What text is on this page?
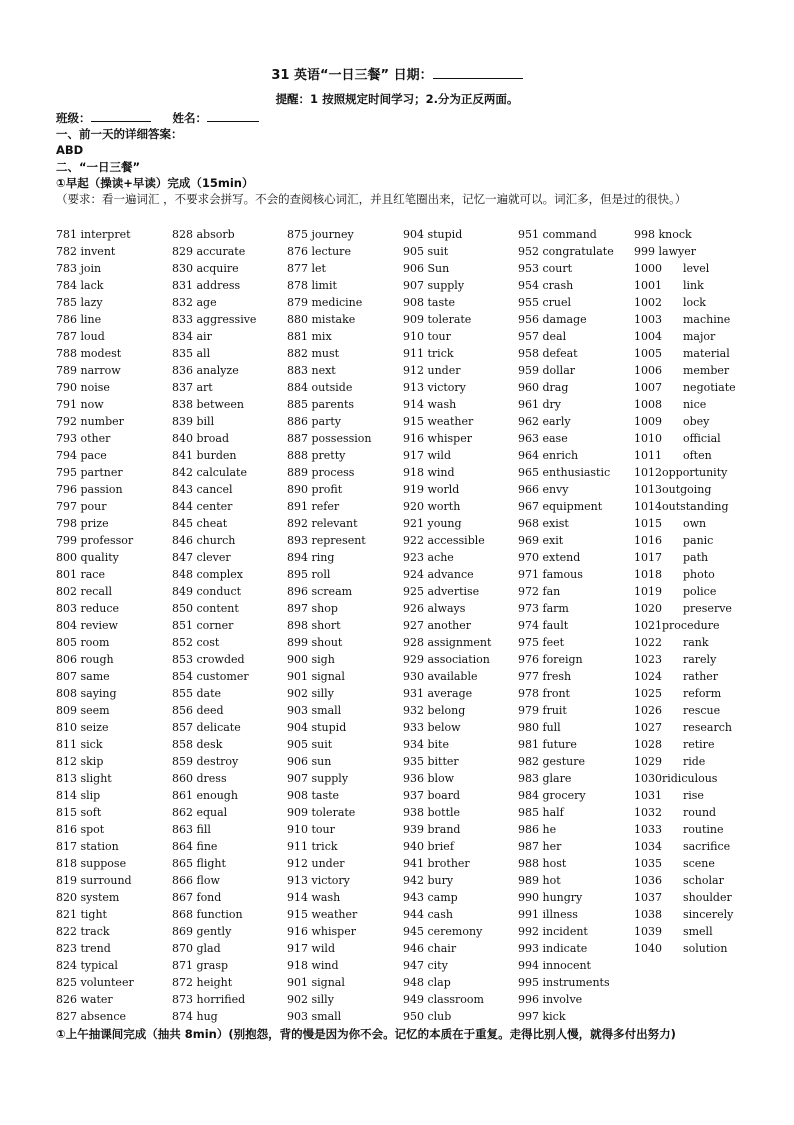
31 英语“一日三餐” 日期：
提醒：1 按照规定时间学习；2.分为正反两面。
班级：	姓名：
一、前一天的详细答案：
ABD
二、“一日三餐”
①早起（操读+早读）完成（15min）
（要求：看一遍词汇 ，不要求会拼写。不会的查阅核心词汇，并且红笔圈出来，记忆一遍就可以。词汇多，但是过的很快。）
781 interpret
782 invent
783 join
784 lack
785 lazy
786 line
787 loud
788 modest
789 narrow
790 noise
791 now
792 number
793 other
794 pace
795 partner
796 passion
797 pour
798 prize
799 professor
800 quality
801 race
802 recall
803 reduce
804 review
805 room
806 rough
807 same
808 saying
809 seem
810 seize
811 sick
812 skip
813 slight
814 slip
815 soft
816 spot
817 station
818 suppose
819 surround
820 system
821 tight
822 track
823 trend
824 typical
825 volunteer
826 water
827 absence
828 absorb
829 accurate
830 acquire
831 address
832 age
833 aggressive
834 air
835 all
836 analyze
837 art
838 between
839 bill
840 broad
841 burden
842 calculate
843 cancel
844 center
845 cheat
846 church
847 clever
848 complex
849 conduct
850 content
851 corner
852 cost
853 crowded
854 customer
855 date
856 deed
857 delicate
858 desk
859 destroy
860 dress
861 enough
862 equal
863 fill
864 fine
865 flight
866 flow
867 fond
868 function
869 gently
870 glad
871 grasp
872 height
873 horrified
874 hug
875 journey
876 lecture
877 let
878 limit
879 medicine
880 mistake
881 mix
882 must
883 next
884 outside
885 parents
886 party
887 possession
888 pretty
889 process
890 profit
891 refer
892 relevant
893 represent
894 ring
895 roll
896 scream
897 shop
898 short
899 shout
900 sigh
901 signal
902 silly
903 small
904 stupid
905 suit
906 sun
907 supply
908 taste
909 tolerate
910 tour
911 trick
912 under
913 victory
914 wash
915 weather
916 whisper
917 wild
918 wind
901 signal
902 silly
903 small
904 stupid
905 suit
906 Sun
907 supply
908 taste
909 tolerate
910 tour
911 trick
912 under
913 victory
914 wash
915 weather
916 whisper
917 wild
918 wind
919 world
920 worth
921 young
922 accessible
923 ache
924 advance
925 advertise
926 always
927 another
928 assignment
929 association
930 available
931 average
932 belong
933 below
934 bite
935 bitter
936 blow
937 board
938 bottle
939 brand
940 brief
941 brother
942 bury
943 camp
944 cash
945 ceremony
946 chair
947 city
948 clap
949 classroom
950 club
951 command
952 congratulate
953 court
954 crash
955 cruel
956 damage
957 deal
958 defeat
959 dollar
960 drag
961 dry
962 early
963 ease
964 enrich
965 enthusiastic
966 envy
967 equipment
968 exist
969 exit
970 extend
971 famous
972 fan
973 farm
974 fault
975 feet
976 foreign
977 fresh
978 front
979 fruit
980 full
981 future
982 gesture
983 glare
984 grocery
985 half
986 he
987 her
988 host
989 hot
990 hungry
991 illness
992 incident
993 indicate
994 innocent
995 instruments
996 involve
997 kick
998 knock
999 lawyer
1000      level
1001      link
1002      lock
1003      machine
1004      major
1005      material
1006      member
1007      negotiate
1008      nice
1009      obey
1010      official
1011      often
1012opportunity
1013outgoing
1014outstanding
1015      own
1016      panic
1017      path
1018      photo
1019      police
1020      preserve
1021procedure
1022      rank
1023      rarely
1024      rather
1025      reform
1026      rescue
1027      research
1028      retire
1029      ride
1030ridiculous
1031      rise
1032      round
1033      routine
1034      sacrifice
1035      scene
1036      scholar
1037      shoulder
1038      sincerely
1039      smell
1040      solution
①上午抽课间完成（抽共 8min）(别抱怨，背的慢是因为你不会。记忆的本质在于重复。走得比别人慢，就得多付出努力)
